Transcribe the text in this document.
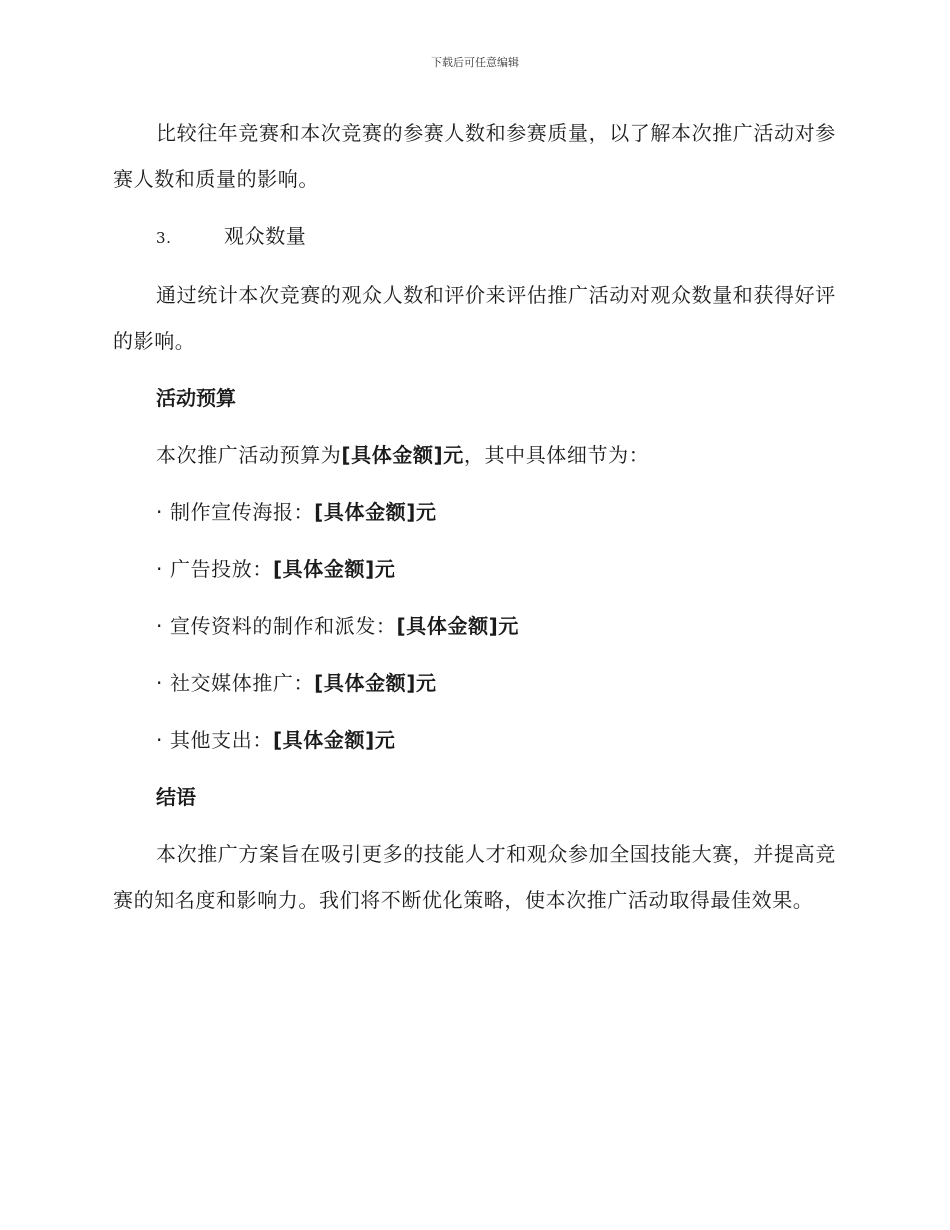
下载后可任意编辑

比较往年竞赛和本次竞赛的参赛人数和参赛质量，以了解本次推广活动对参赛人数和质量的影响。

3.	观众数量

通过统计本次竞赛的观众人数和评价来评估推广活动对观众数量和获得好评的影响。

活动预算

本次推广活动预算为[具体金额]元，其中具体细节为：

· 制作宣传海报：[具体金额]元

· 广告投放：[具体金额]元

· 宣传资料的制作和派发：[具体金额]元

· 社交媒体推广：[具体金额]元

· 其他支出：[具体金额]元

结语

本次推广方案旨在吸引更多的技能人才和观众参加全国技能大赛，并提高竞赛的知名度和影响力。我们将不断优化策略，使本次推广活动取得最佳效果。
